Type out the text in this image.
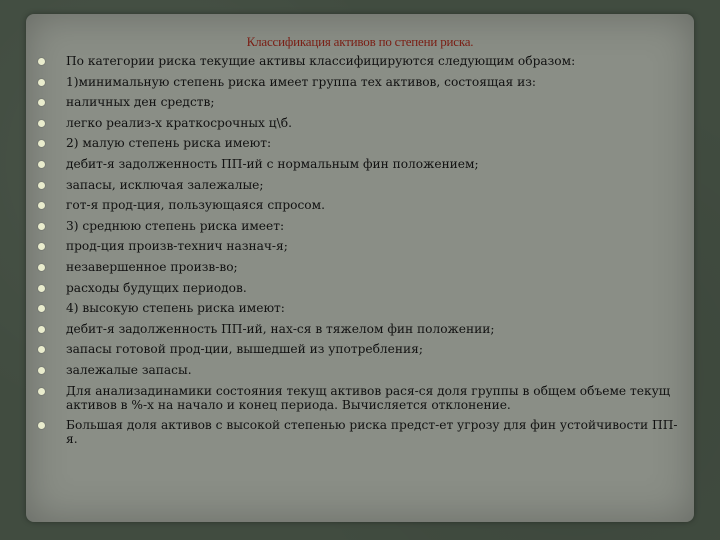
Классификация активов по степени риска.
По категории риска текущие активы классифицируются следующим образом:
1)минимальную степень риска имеет группа тех активов, состоящая из:
наличных ден средств;
легко реализ-х краткосрочных ц\б.
2) малую степень риска имеют:
дебит-я задолженность ПП-ий с нормальным фин положением;
запасы, исключая залежалые;
гот-я прод-ция, пользующаяся спросом.
3) среднюю степень риска имеет:
прод-ция произв-технич назнач-я;
незавершенное произв-во;
расходы будущих периодов.
4) высокую степень риска имеют:
дебит-я задолженность ПП-ий, нах-ся в тяжелом фин положении;
запасы готовой прод-ции, вышедшей из употребления;
залежалые запасы.
Для анализадинамики состояния текущ активов рася-ся доля группы в общем объеме текущ активов в %-х на начало и конец периода. Вычисляется отклонение.
Большая доля активов с высокой степенью риска предст-ет угрозу для фин устойчивости ПП-я.
